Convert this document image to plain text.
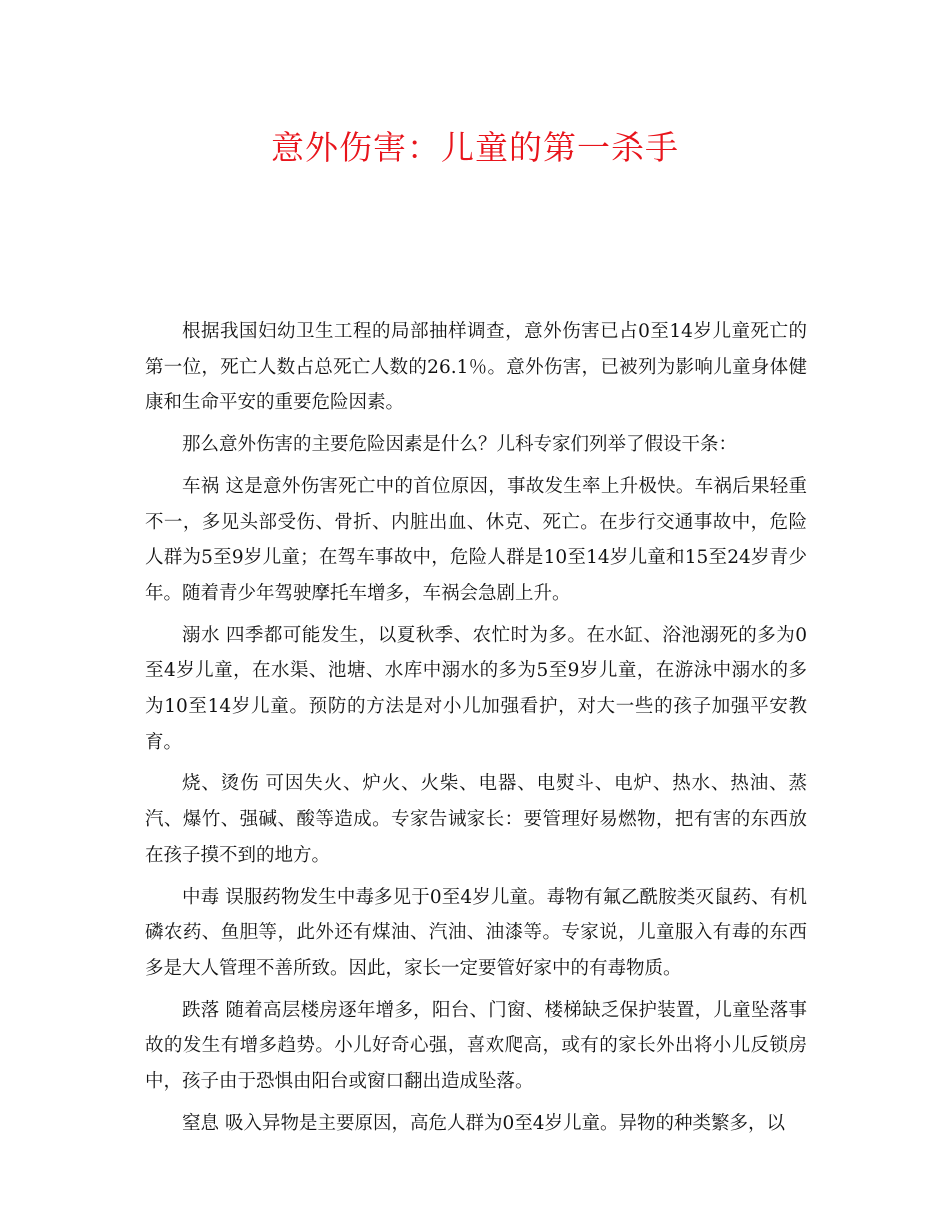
意外伤害：儿童的第一杀手

根据我国妇幼卫生工程的局部抽样调查，意外伤害已占0至14岁儿童死亡的第一位，死亡人数占总死亡人数的26.1％。意外伤害，已被列为影响儿童身体健康和生命平安的重要危险因素。

那么意外伤害的主要危险因素是什么？儿科专家们列举了假设干条：

车祸 这是意外伤害死亡中的首位原因，事故发生率上升极快。车祸后果轻重不一，多见头部受伤、骨折、内脏出血、休克、死亡。在步行交通事故中，危险人群为5至9岁儿童；在驾车事故中，危险人群是10至14岁儿童和15至24岁青少年。随着青少年驾驶摩托车增多，车祸会急剧上升。

溺水 四季都可能发生，以夏秋季、农忙时为多。在水缸、浴池溺死的多为0至4岁儿童，在水渠、池塘、水库中溺水的多为5至9岁儿童，在游泳中溺水的多为10至14岁儿童。预防的方法是对小儿加强看护，对大一些的孩子加强平安教育。

烧、烫伤 可因失火、炉火、火柴、电器、电熨斗、电炉、热水、热油、蒸汽、爆竹、强碱、酸等造成。专家告诫家长：要管理好易燃物，把有害的东西放在孩子摸不到的地方。

中毒 误服药物发生中毒多见于0至4岁儿童。毒物有氟乙酰胺类灭鼠药、有机磷农药、鱼胆等，此外还有煤油、汽油、油漆等。专家说，儿童服入有毒的东西多是大人管理不善所致。因此，家长一定要管好家中的有毒物质。

跌落 随着高层楼房逐年增多，阳台、门窗、楼梯缺乏保护装置，儿童坠落事故的发生有增多趋势。小儿好奇心强，喜欢爬高，或有的家长外出将小儿反锁房中，孩子由于恐惧由阳台或窗口翻出造成坠落。

窒息 吸入异物是主要原因，高危人群为0至4岁儿童。异物的种类繁多，以
